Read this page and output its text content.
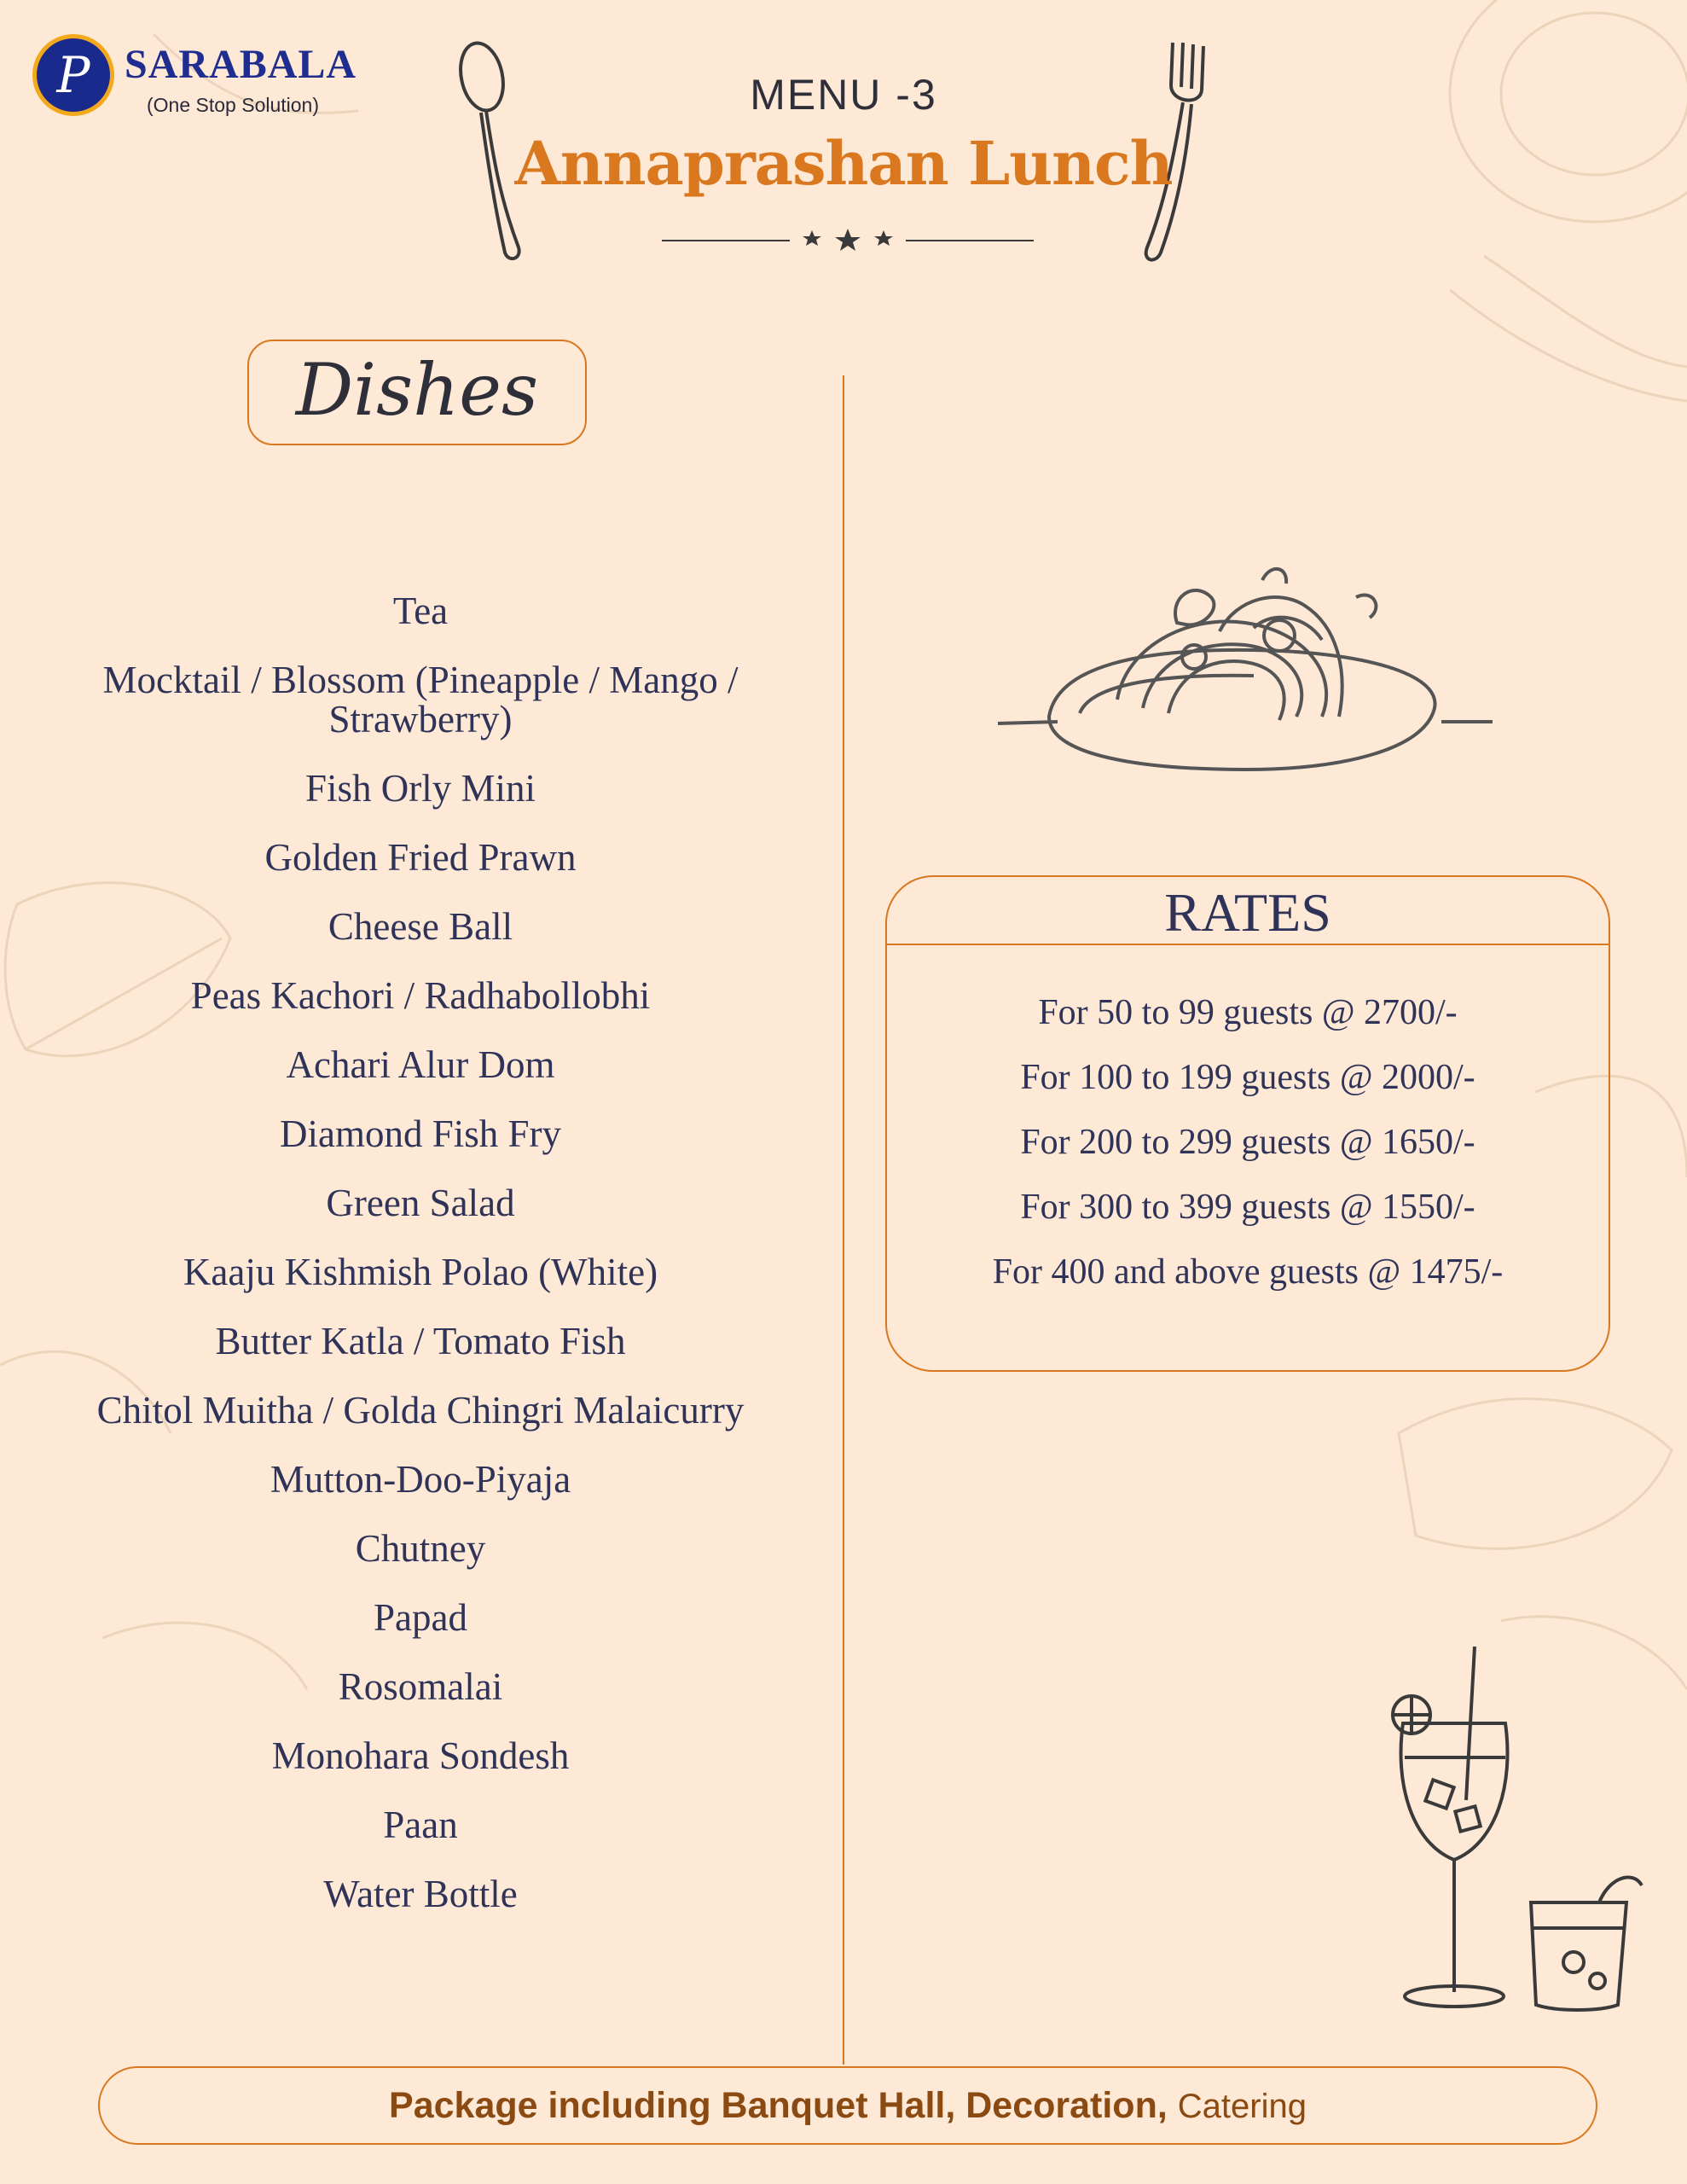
P SARABALA
(One Stop Solution)	MENU -3
Annaprashan Lunch
Dishes
Tea
Mocktail / Blossom (Pineapple / Mango / Strawberry)
Fish Orly Mini
Golden Fried Prawn
Cheese Ball
Peas Kachori / Radhabollobhi
Achari Alur Dom
Diamond Fish Fry
Green Salad
Kaaju Kishmish Polao (White)
Butter Katla / Tomato Fish
Chitol Muitha / Golda Chingri Malaicurry
Mutton-Doo-Piyaja
Chutney
Papad
Rosomalai
Monohara Sondesh
Paan
Water Bottle
RATES
For 50 to 99 guests @ 2700/-
For 100 to 199 guests @ 2000/-
For 200 to 299 guests @ 1650/-
For 300 to 399 guests @ 1550/-
For 400 and above guests @ 1475/-
Package including Banquet Hall, Decoration, Catering
